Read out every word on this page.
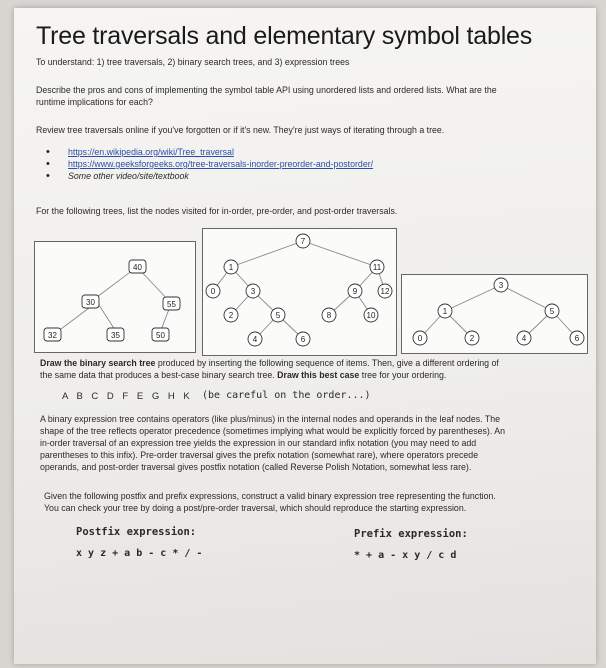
Tree traversals and elementary symbol tables
To understand: 1) tree traversals, 2) binary search trees, and 3) expression trees
Describe the pros and cons of implementing the symbol table API using unordered lists and ordered lists. What are the
runtime implications for each?
Review tree traversals online if you've forgotten or if it's new. They're just ways of iterating through a tree.
• https://en.wikipedia.org/wiki/Tree_traversal
• https://www.geeksforgeeks.org/tree-traversals-inorder-preorder-and-postorder/
• Some other video/site/textbook
For the following trees, list the nodes visited for in-order, pre-order, and post-order traversals.
40
30	55
32	35	50
7
1	11
0	3	9	12
2	5	8	10
4	6
3
1	5
0	2	4	6
Draw the binary search tree produced by inserting the following sequence of items. Then, give a different ordering of
the same data that produces a best-case binary search tree. Draw this best case tree for your ordering.
A B C D F E G H K (be careful on the order...)
A binary expression tree contains operators (like plus/minus) in the internal nodes and operands in the leaf nodes. The
shape of the tree reflects operator precedence (sometimes implying what would be explicitly forced by parentheses). An
in-order traversal of an expression tree yields the expression in our standard infix notation (you may need to add
parentheses to this infix). Pre-order traversal gives the prefix notation (somewhat rare), where operators precede
operands, and post-order traversal gives postfix notation (called Reverse Polish Notation, somewhat less rare).
Given the following postfix and prefix expressions, construct a valid binary expression tree representing the function.
You can check your tree by doing a post/pre-order traversal, which should reproduce the starting expression.
Postfix expression:	Prefix expression:
x y z + a b - c * / -	* + a - x y / c d
